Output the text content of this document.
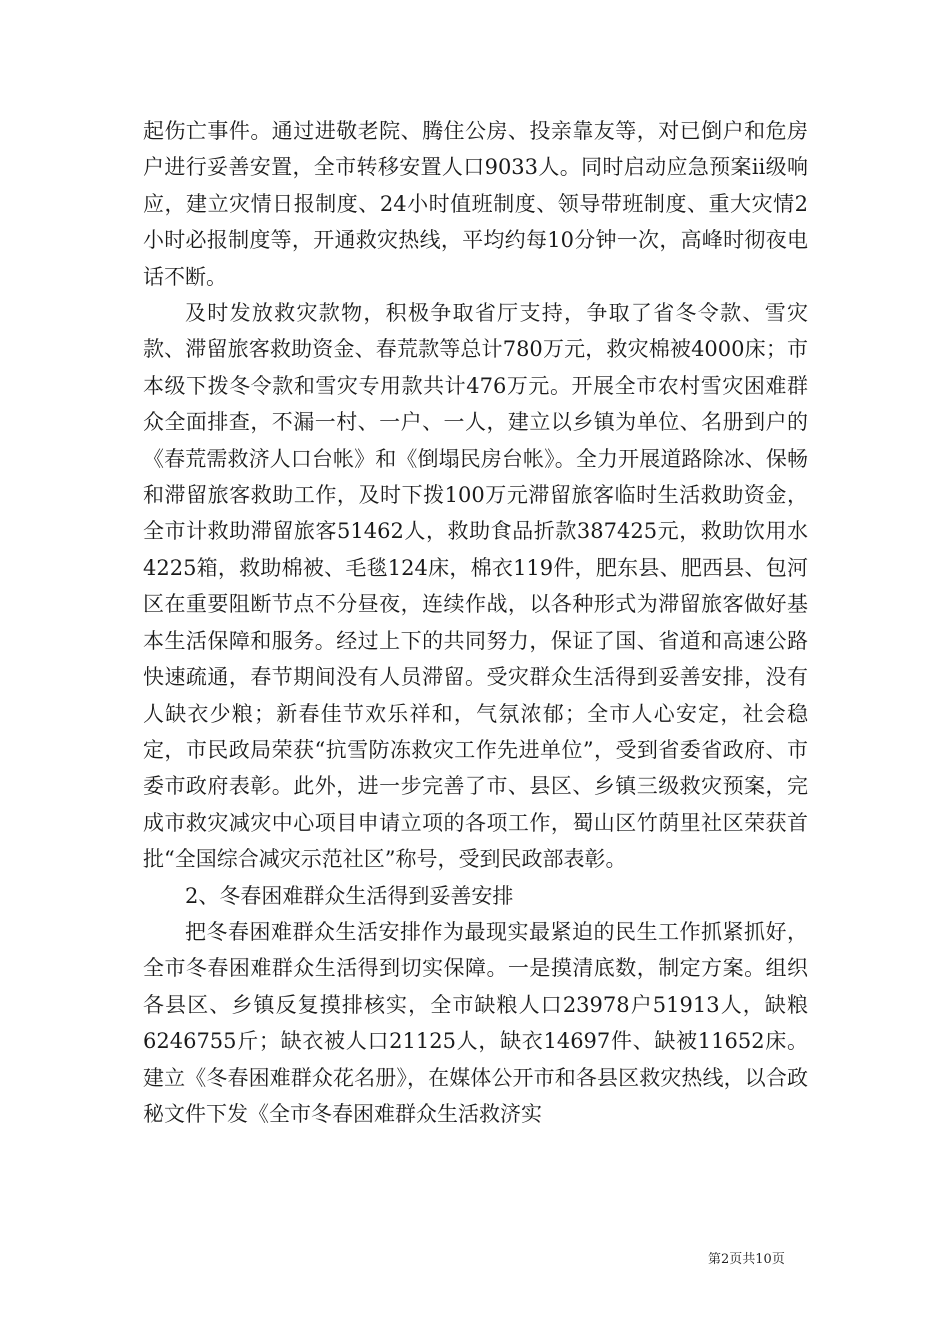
起伤亡事件。通过进敬老院、腾住公房、投亲靠友等，对已倒户和危房户进行妥善安置，全市转移安置人口9033人。同时启动应急预案ⅱ级响应，建立灾情日报制度、24小时值班制度、领导带班制度、重大灾情2小时必报制度等，开通救灾热线，平均约每10分钟一次，高峰时彻夜电话不断。

及时发放救灾款物，积极争取省厅支持，争取了省冬令款、雪灾款、滞留旅客救助资金、春荒款等总计780万元，救灾棉被4000床；市本级下拨冬令款和雪灾专用款共计476万元。开展全市农村雪灾困难群众全面排查，不漏一村、一户、一人，建立以乡镇为单位、名册到户的《春荒需救济人口台帐》和《倒塌民房台帐》。全力开展道路除冰、保畅和滞留旅客救助工作，及时下拨100万元滞留旅客临时生活救助资金，全市计救助滞留旅客51462人，救助食品折款387425元，救助饮用水4225箱，救助棉被、毛毯124床，棉衣119件，肥东县、肥西县、包河区在重要阻断节点不分昼夜，连续作战，以各种形式为滞留旅客做好基本生活保障和服务。经过上下的共同努力，保证了国、省道和高速公路快速疏通，春节期间没有人员滞留。受灾群众生活得到妥善安排，没有人缺衣少粮；新春佳节欢乐祥和，气氛浓郁；全市人心安定，社会稳定，市民政局荣获“抗雪防冻救灾工作先进单位”，受到省委省政府、市委市政府表彰。此外，进一步完善了市、县区、乡镇三级救灾预案，完成市救灾减灾中心项目申请立项的各项工作，蜀山区竹荫里社区荣获首批“全国综合减灾示范社区”称号，受到民政部表彰。

2、冬春困难群众生活得到妥善安排

把冬春困难群众生活安排作为最现实最紧迫的民生工作抓紧抓好，全市冬春困难群众生活得到切实保障。一是摸清底数，制定方案。组织各县区、乡镇反复摸排核实，全市缺粮人口23978户51913人，缺粮6246755斤；缺衣被人口21125人，缺衣14697件、缺被11652床。建立《冬春困难群众花名册》，在媒体公开市和各县区救灾热线，以合政秘文件下发《全市冬春困难群众生活救济实

第2页共10页
